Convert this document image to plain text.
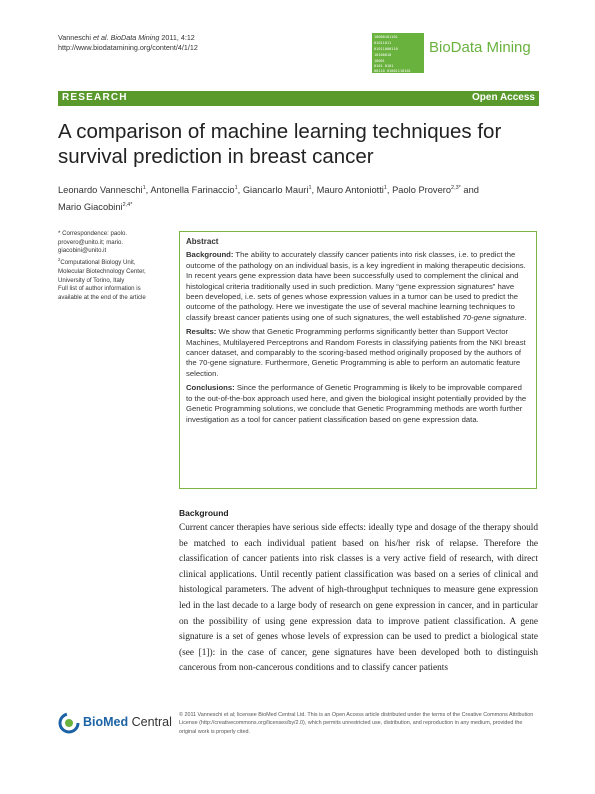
Vanneschi et al. BioData Mining 2011, 4:12
http://www.biodatamining.org/content/4/1/12
10000101101
01011011
01011000110
10100010
10001
0101 0101
00110 01001110101
BioData Mining
RESEARCH	Open Access
A comparison of machine learning techniques for
survival prediction in breast cancer
Leonardo Vanneschi$^1$, Antonella Farinaccio$^1$, Giancarlo Mauri$^1$, Mauro Antoniotti$^1$, Paolo Provero$^{2,3*}$ and
Mario Giacobini$^{2,4*}$
* Correspondence: paolo.
provero@unito.it; mario.
giacobini@unito.it
$^2$Computational Biology Unit,
Molecular Biotechnology Center,
University of Torino, Italy
Full list of author information is
available at the end of the article
Abstract

Background: The ability to accurately classify cancer patients into risk classes, i.e. to predict the outcome of the pathology on an individual basis, is a key ingredient in making therapeutic decisions. In recent years gene expression data have been successfully used to complement the clinical and histological criteria traditionally used in such prediction. Many “gene expression signatures” have been developed, i.e. sets of genes whose expression values in a tumor can be used to predict the outcome of the pathology. Here we investigate the use of several machine learning techniques to classify breast cancer patients using one of such signatures, the well established 70-gene signature.

Results: We show that Genetic Programming performs significantly better than Support Vector Machines, Multilayered Perceptrons and Random Forests in classifying patients from the NKI breast cancer dataset, and comparably to the scoring-based method originally proposed by the authors of the 70-gene signature. Furthermore, Genetic Programming is able to perform an automatic feature selection.

Conclusions: Since the performance of Genetic Programming is likely to be improvable compared to the out-of-the-box approach used here, and given the biological insight potentially provided by the Genetic Programming solutions, we conclude that Genetic Programming methods are worth further investigation as a tool for cancer patient classification based on gene expression data.

Background
Current cancer therapies have serious side effects: ideally type and dosage of the therapy should be matched to each individual patient based on his/her risk of relapse. Therefore the classification of cancer patients into risk classes is a very active field of research, with direct clinical applications. Until recently patient classification was based on a series of clinical and histological parameters. The advent of high-throughput techniques to measure gene expression led in the last decade to a large body of research on gene expression in cancer, and in particular on the possibility of using gene expression data to improve patient classification. A gene signature is a set of genes whose levels of expression can be used to predict a biological state (see [1]): in the case of cancer, gene signatures have been developed both to distinguish cancerous from non-cancerous conditions and to classify cancer patients
BioMed Central © 2011 Vanneschi et al; licensee BioMed Central Ltd. This is an Open Access article distributed under the terms of the Creative Commons Attribution License (http://creativecommons.org/licenses/by/2.0), which permits unrestricted use, distribution, and reproduction in any medium, provided the original work is properly cited.
